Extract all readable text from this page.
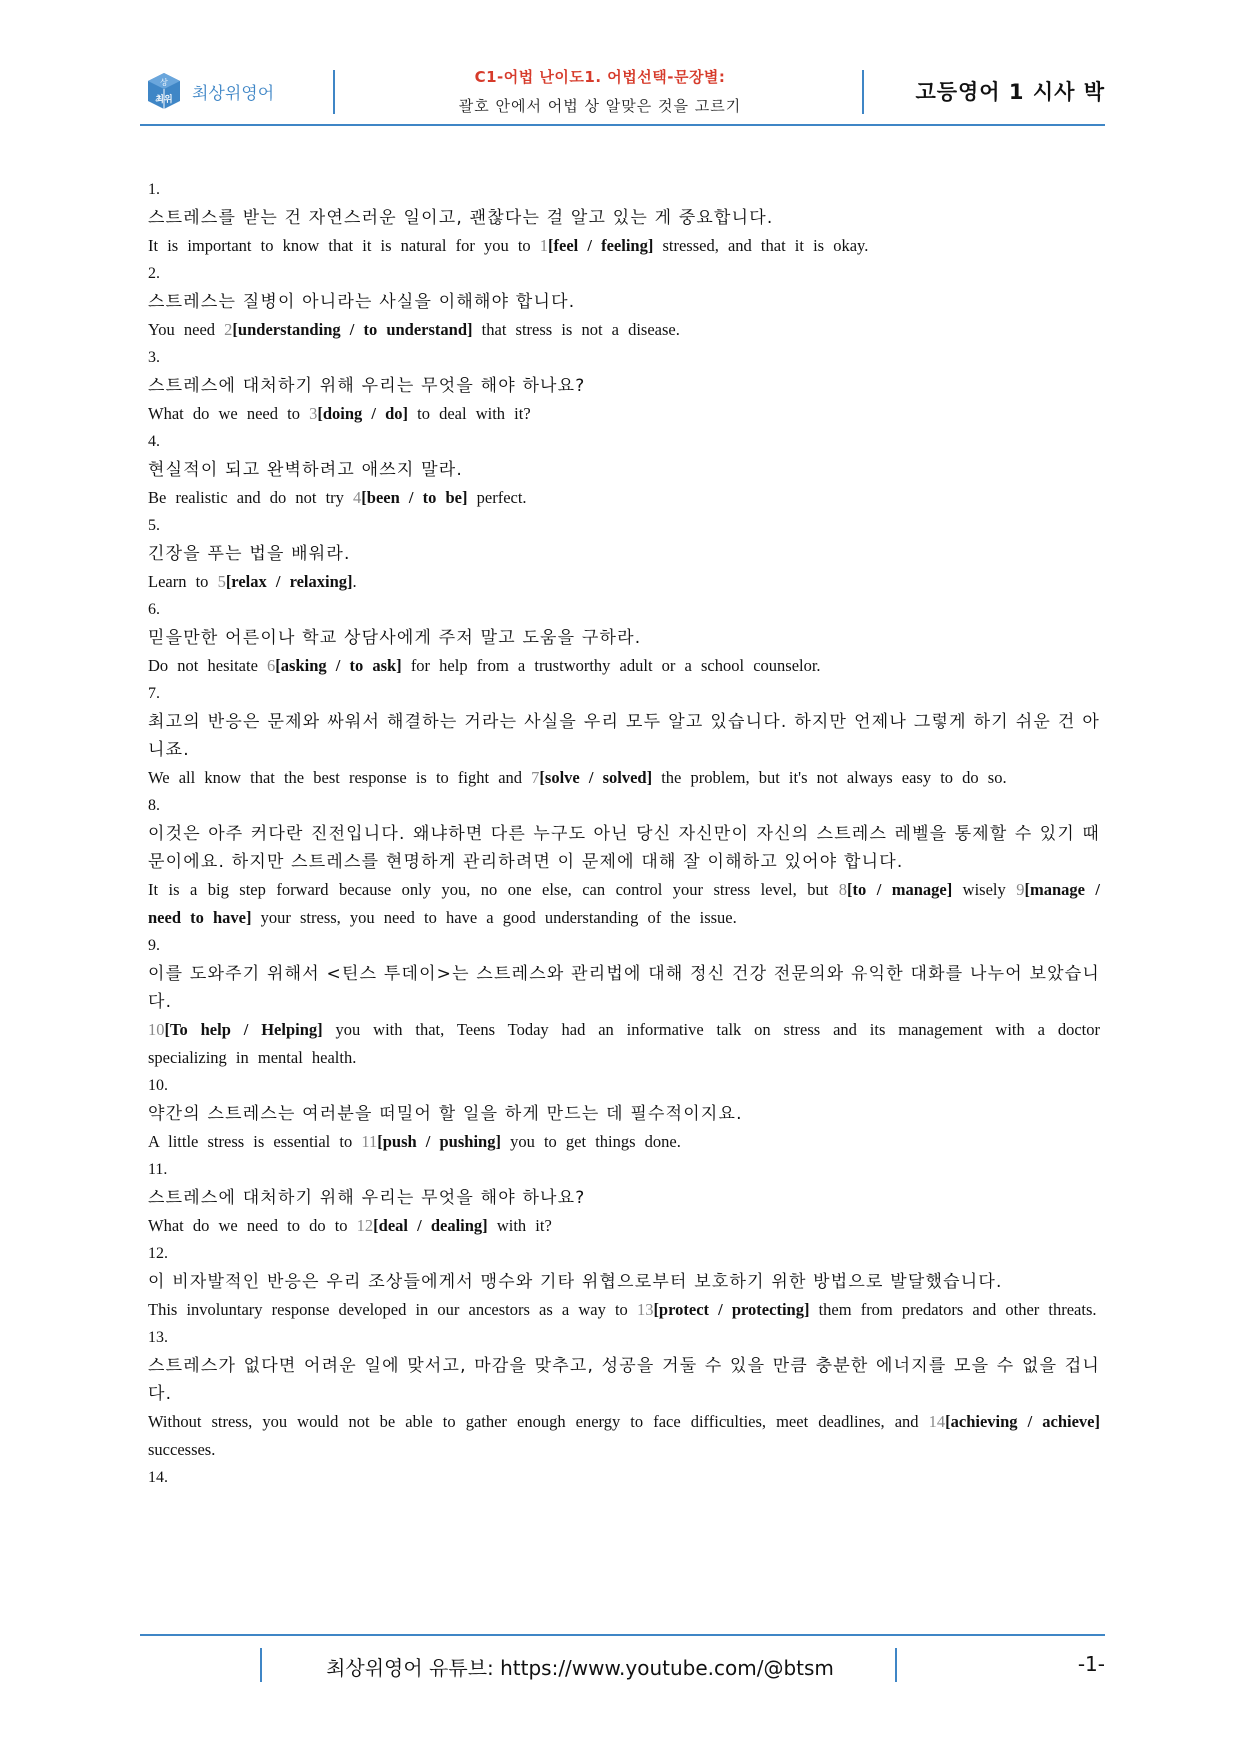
상
최위 최상위영어
C1-어법 난이도1. 어법선택-문장별:
괄호 안에서 어법 상 알맞은 것을 고르기
고등영어 1 시사 박
1.
스트레스를 받는 건 자연스러운 일이고, 괜찮다는 걸 알고 있는 게 중요합니다.
It is important to know that it is natural for you to 1[feel / feeling] stressed, and that it is okay.
2.
스트레스는 질병이 아니라는 사실을 이해해야 합니다.
You need 2[understanding / to understand] that stress is not a disease.
3.
스트레스에 대처하기 위해 우리는 무엇을 해야 하나요?
What do we need to 3[doing / do] to deal with it?
4.
현실적이 되고 완벽하려고 애쓰지 말라.
Be realistic and do not try 4[been / to be] perfect.
5.
긴장을 푸는 법을 배워라.
Learn to 5[relax / relaxing].
6.
믿을만한 어른이나 학교 상담사에게 주저 말고 도움을 구하라.
Do not hesitate 6[asking / to ask] for help from a trustworthy adult or a school counselor.
7.
최고의 반응은 문제와 싸워서 해결하는 거라는 사실을 우리 모두 알고 있습니다. 하지만 언제나 그렇게 하기 쉬운 건 아니죠.
We all know that the best response is to fight and 7[solve / solved] the problem, but it's not always easy to do so.
8.
이것은 아주 커다란 진전입니다. 왜냐하면 다른 누구도 아닌 당신 자신만이 자신의 스트레스 레벨을 통제할 수 있기 때문이에요. 하지만 스트레스를 현명하게 관리하려면 이 문제에 대해 잘 이해하고 있어야 합니다.
It is a big step forward because only you, no one else, can control your stress level, but 8[to / manage] wisely 9[manage / need to have] your stress, you need to have a good understanding of the issue.
9.
이를 도와주기 위해서 <틴스 투데이>는 스트레스와 관리법에 대해 정신 건강 전문의와 유익한 대화를 나누어 보았습니다.
10[To help / Helping] you with that, Teens Today had an informative talk on stress and its management with a doctor specializing in mental health.
10.
약간의 스트레스는 여러분을 떠밀어 할 일을 하게 만드는 데 필수적이지요.
A little stress is essential to 11[push / pushing] you to get things done.
11.
스트레스에 대처하기 위해 우리는 무엇을 해야 하나요?
What do we need to do to 12[deal / dealing] with it?
12.
이 비자발적인 반응은 우리 조상들에게서 맹수와 기타 위협으로부터 보호하기 위한 방법으로 발달했습니다.
This involuntary response developed in our ancestors as a way to 13[protect / protecting] them from predators and other threats.
13.
스트레스가 없다면 어려운 일에 맞서고, 마감을 맞추고, 성공을 거둘 수 있을 만큼 충분한 에너지를 모을 수 없을 겁니다.
Without stress, you would not be able to gather enough energy to face difficulties, meet deadlines, and 14[achieving / achieve] successes.
14.
최상위영어 유튜브: https://www.youtube.com/@btsm	-1-
